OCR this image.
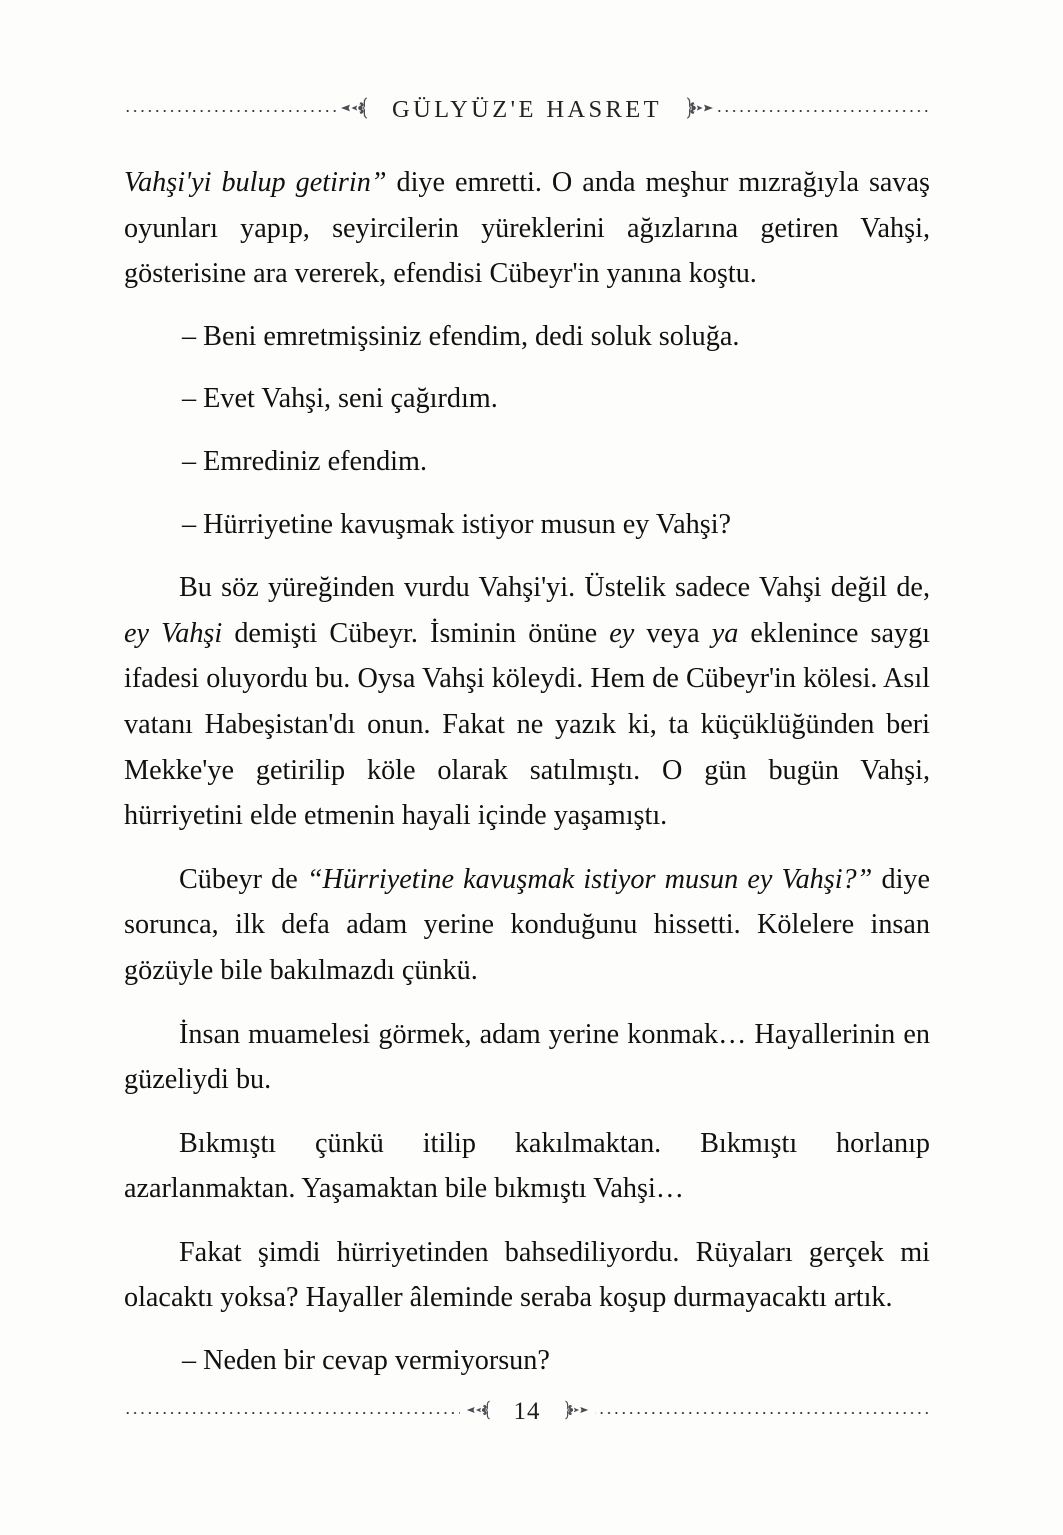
GÜLYÜZ'E HASRET

Vahşi'yi bulup getirin” diye emretti. O anda meşhur mızrağıyla savaş oyunları yapıp, seyircilerin yüreklerini ağızlarına getiren Vahşi, gösterisine ara vererek, efendisi Cübeyr'in yanına koştu.

– Beni emretmişsiniz efendim, dedi soluk soluğa.

– Evet Vahşi, seni çağırdım.

– Emrediniz efendim.

– Hürriyetine kavuşmak istiyor musun ey Vahşi?

Bu söz yüreğinden vurdu Vahşi'yi. Üstelik sadece Vahşi değil de, ey Vahşi demişti Cübeyr. İsminin önüne ey veya ya eklenince saygı ifadesi oluyordu bu. Oysa Vahşi köleydi. Hem de Cübeyr'in kölesi. Asıl vatanı Habeşistan'dı onun. Fakat ne yazık ki, ta küçüklüğünden beri Mekke'ye getirilip köle olarak satılmıştı. O gün bugün Vahşi, hürriyetini elde etmenin hayali içinde yaşamıştı.

Cübeyr de “Hürriyetine kavuşmak istiyor musun ey Vahşi?” diye sorunca, ilk defa adam yerine konduğunu hissetti. Kölelere insan gözüyle bile bakılmazdı çünkü.

İnsan muamelesi görmek, adam yerine konmak… Hayallerinin en güzeliydi bu.

Bıkmıştı çünkü itilip kakılmaktan. Bıkmıştı horlanıp azarlanmaktan. Yaşamaktan bile bıkmıştı Vahşi…

Fakat şimdi hürriyetinden bahsediliyordu. Rüyaları gerçek mi olacaktı yoksa? Hayaller âleminde seraba koşup durmayacaktı artık.

– Neden bir cevap vermiyorsun?

14
